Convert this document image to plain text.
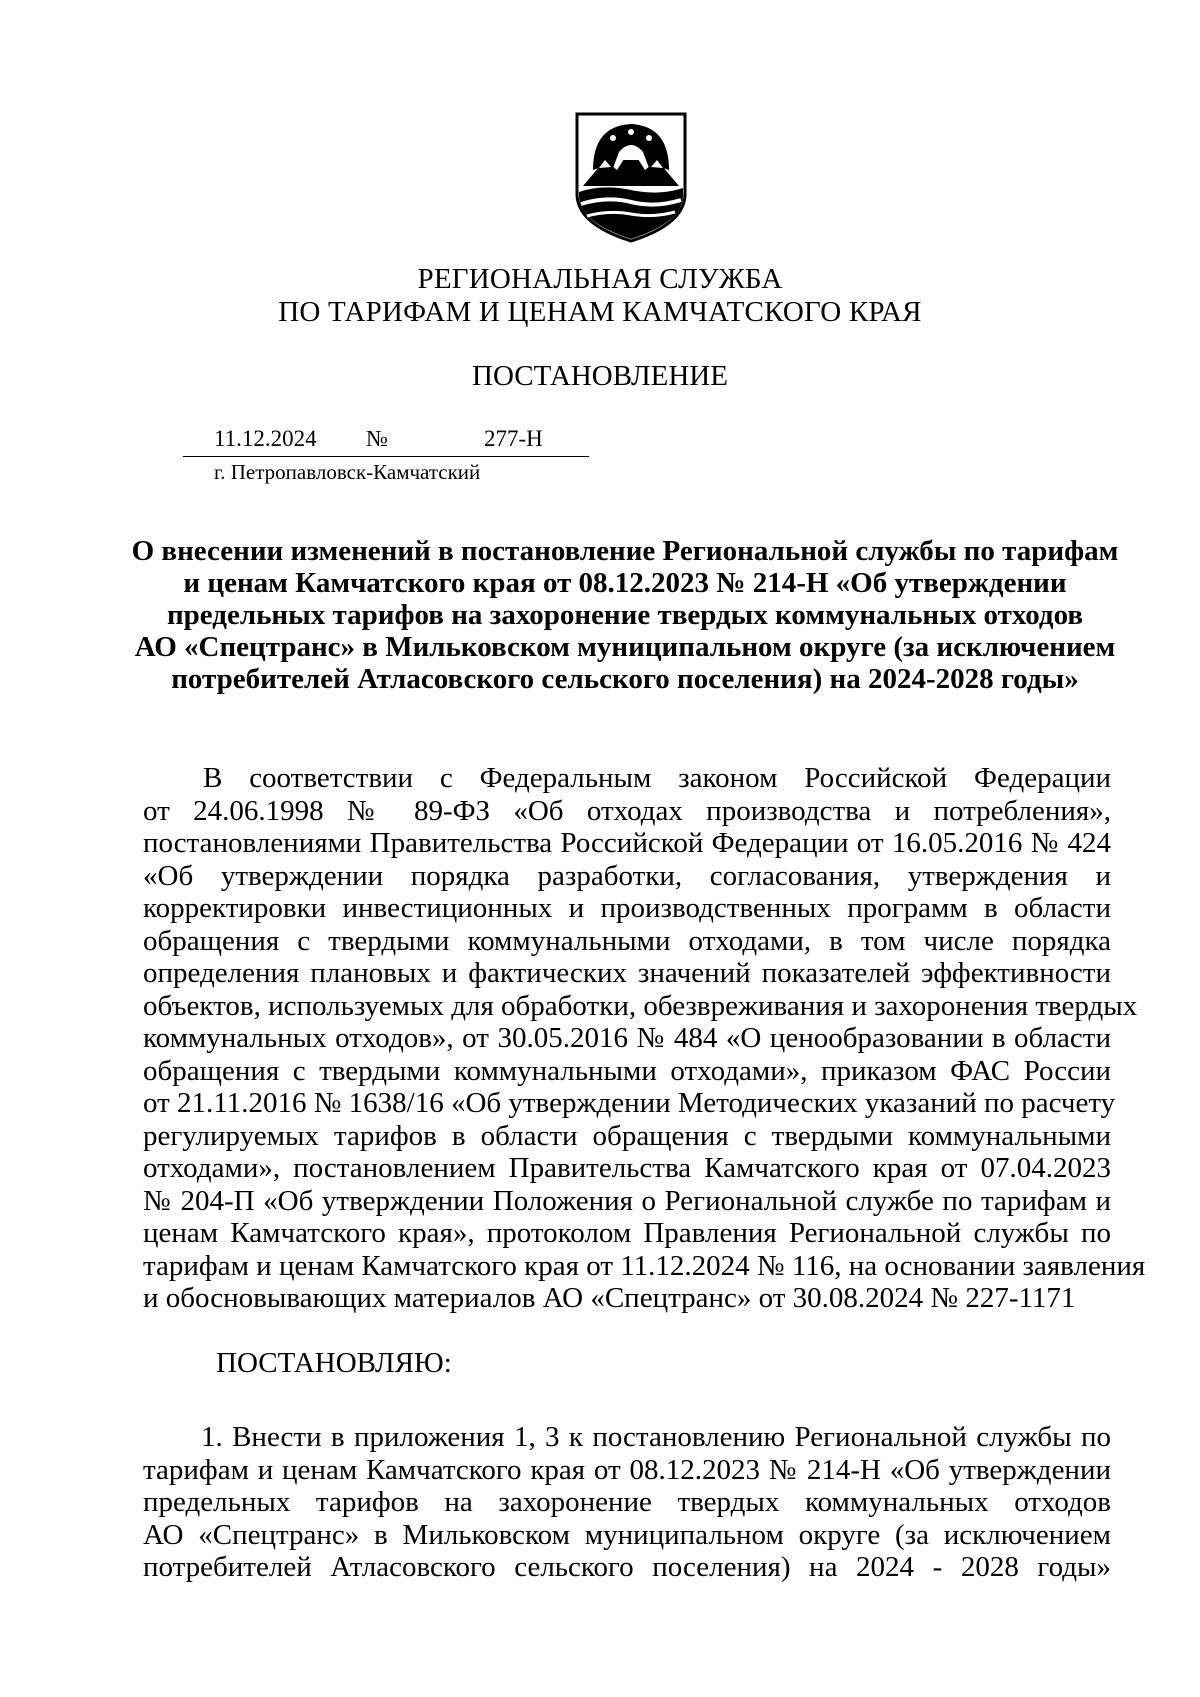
РЕГИОНАЛЬНАЯ СЛУЖБА
ПО ТАРИФАМ И ЦЕНАМ КАМЧАТСКОГО КРАЯ
ПОСТАНОВЛЕНИЕ
11.12.2024 №	277-Н
г. Петропавловск-Камчатский
О внесении изменений в постановление Региональной службы по тарифам
и ценам Камчатского края от 08.12.2023 № 214-Н «Об утверждении
предельных тарифов на захоронение твердых коммунальных отходов
АО «Спецтранс» в Мильковском муниципальном округе (за исключением
потребителей Атласовского сельского поселения) на 2024-2028 годы»
В соответствии с Федеральным законом Российской Федерации
от 24.06.1998 № 89-ФЗ «Об отходах производства и потребления»,
постановлениями Правительства Российской Федерации от 16.05.2016 № 424
«Об утверждении порядка разработки, согласования, утверждения и
корректировки инвестиционных и производственных программ в области
обращения с твердыми коммунальными отходами, в том числе порядка
определения плановых и фактических значений показателей эффективности
объектов, используемых для обработки, обезвреживания и захоронения твердых
коммунальных отходов», от 30.05.2016 № 484 «О ценообразовании в области
обращения с твердыми коммунальными отходами», приказом ФАС России
от 21.11.2016 № 1638/16 «Об утверждении Методических указаний по расчету
регулируемых тарифов в области обращения с твердыми коммунальными
отходами», постановлением Правительства Камчатского края от 07.04.2023
№ 204-П «Об утверждении Положения о Региональной службе по тарифам и
ценам Камчатского края», протоколом Правления Региональной службы по
тарифам и ценам Камчатского края от 11.12.2024 № 116, на основании заявления
и обосновывающих материалов АО «Спецтранс» от 30.08.2024 № 227-1171
ПОСТАНОВЛЯЮ:
1. Внести в приложения 1, 3 к постановлению Региональной службы по
тарифам и ценам Камчатского края от 08.12.2023 № 214-Н «Об утверждении
предельных тарифов на захоронение твердых коммунальных отходов
АО «Спецтранс» в Мильковском муниципальном округе (за исключением
потребителей Атласовского сельского поселения) на 2024 - 2028 годы»
